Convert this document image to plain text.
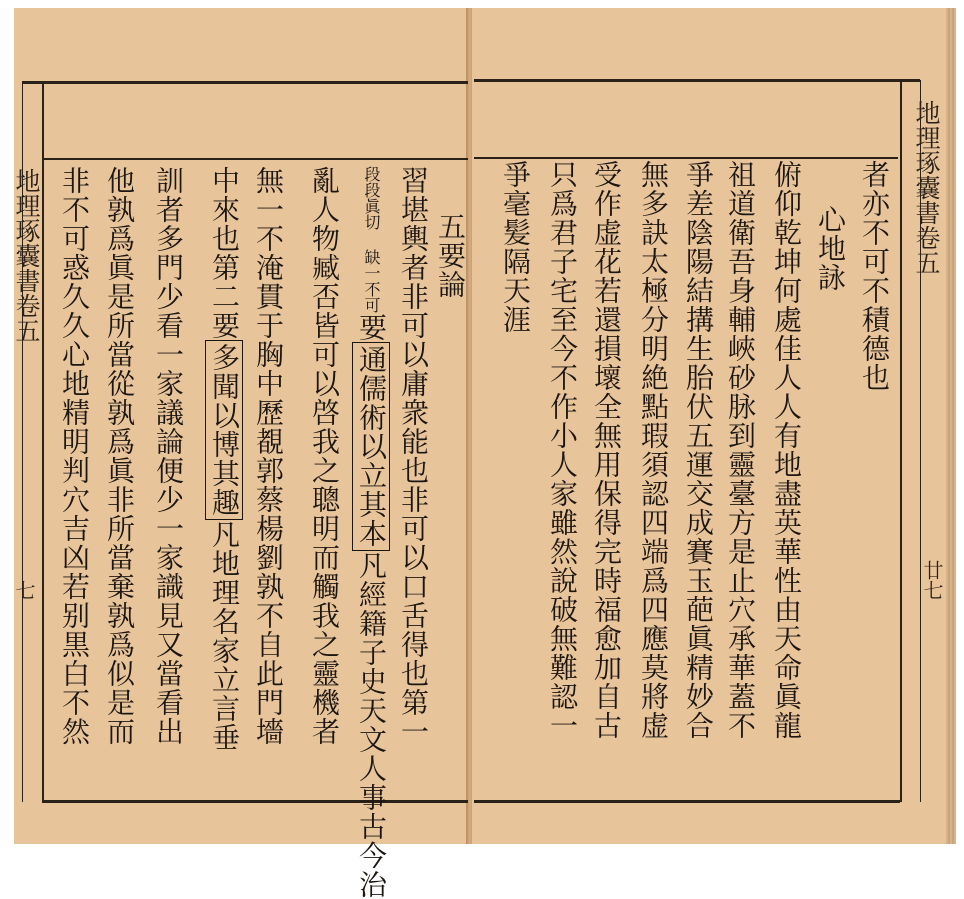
地理琢囊書卷五
七
地理琢囊書卷五
廿七
習堪輿者非可以庸衆能也非可以口舌得也第一 五要論
段段眞切 缺一不可要通儒術以立其本凡經籍子史天文人事古今治
亂人物臧否皆可以啓我之聰明而觸我之靈機者
無一不淹貫于胸中歷覩郭蔡楊劉孰不自此門墻
中來也第二要多聞以博其趣凡地理名家立言垂
訓者多門少看一家議論便少一家識見又當看出
他孰爲眞是所當從孰爲眞非所當棄孰爲似是而
非不可惑久久心地精明判穴吉凶若别黒白不然	者亦不可不積德也
心地詠
俯仰乾坤何處佳人人有地盡英華性由天命眞龍
祖道衛吾身輔峽砂脉到靈臺方是止穴承華蓋不
爭差陰陽結搆生胎伏五運交成賽玉葩眞精妙合
無多訣太極分明絶點瑕須認四端爲四應莫將虚
受作虚花若還損壞全無用保得完時福愈加自古
只爲君子宅至今不作小人家雖然說破無難認一
爭毫髪隔天涯
